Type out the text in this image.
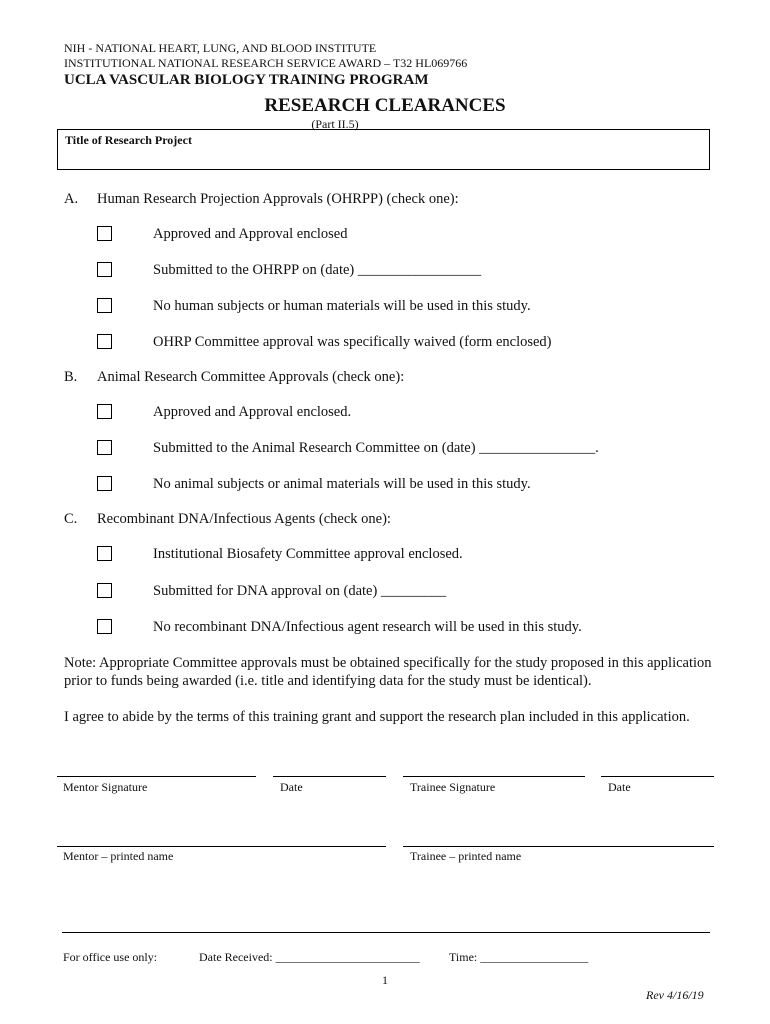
NIH - NATIONAL HEART, LUNG, AND BLOOD INSTITUTE
INSTITUTIONAL NATIONAL RESEARCH SERVICE AWARD – T32 HL069766
UCLA VASCULAR BIOLOGY TRAINING PROGRAM
RESEARCH CLEARANCES
(Part II.5)
Title of Research Project
A. Human Research Projection Approvals (OHRPP) (check one):
Approved and Approval enclosed
Submitted to the OHRPP on (date) _________________
No human subjects or human materials will be used in this study.
OHRP Committee approval was specifically waived (form enclosed)
B. Animal Research Committee Approvals (check one):
Approved and Approval enclosed.
Submitted to the Animal Research Committee on (date) ________________.
No animal subjects or animal materials will be used in this study.
C. Recombinant DNA/Infectious Agents (check one):
Institutional Biosafety Committee approval enclosed.
Submitted for DNA approval on (date) _________
No recombinant DNA/Infectious agent research will be used in this study.
Note: Appropriate Committee approvals must be obtained specifically for the study proposed in this application prior to funds being awarded (i.e. title and identifying data for the study must be identical).
I agree to abide by the terms of this training grant and support the research plan included in this application.
Mentor Signature	Date	Trainee Signature	Date
Mentor – printed name	Trainee – printed name
For office use only:	Date Received: ________________________ Time: __________________
1
Rev 4/16/19
